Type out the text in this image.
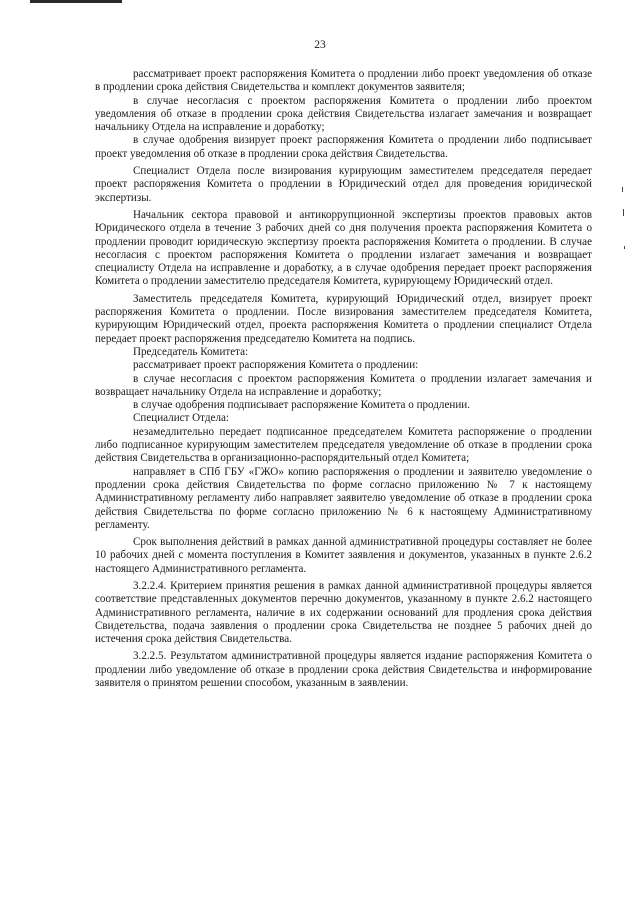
23

рассматривает проект распоряжения Комитета о продлении либо проект уведомления об отказе в продлении срока действия Свидетельства и комплект документов заявителя;

в случае несогласия с проектом распоряжения Комитета о продлении либо проектом уведомления об отказе в продлении срока действия Свидетельства излагает замечания и возвращает начальнику Отдела на исправление и доработку;

в случае одобрения визирует проект распоряжения Комитета о продлении либо подписывает проект уведомления об отказе в продлении срока действия Свидетельства.

Специалист Отдела после визирования курирующим заместителем председателя передает проект распоряжения Комитета о продлении в Юридический отдел для проведения юридической экспертизы.

Начальник сектора правовой и антикоррупционной экспертизы проектов правовых актов Юридического отдела в течение 3 рабочих дней со дня получения проекта распоряжения Комитета о продлении проводит юридическую экспертизу проекта распоряжения Комитета о продлении. В случае несогласия с проектом распоряжения Комитета о продлении излагает замечания и возвращает специалисту Отдела на исправление и доработку, а в случае одобрения передает проект распоряжения Комитета о продлении заместителю председателя Комитета, курирующему Юридический отдел.

Заместитель председателя Комитета, курирующий Юридический отдел, визирует проект распоряжения Комитета о продлении. После визирования заместителем председателя Комитета, курирующим Юридический отдел, проекта распоряжения Комитета о продлении специалист Отдела передает проект распоряжения председателю Комитета на подпись.

Председатель Комитета:

рассматривает проект распоряжения Комитета о продлении:

в случае несогласия с проектом распоряжения Комитета о продлении излагает замечания и возвращает начальнику Отдела на исправление и доработку;

в случае одобрения подписывает распоряжение Комитета о продлении.

Специалист Отдела:

незамедлительно передает подписанное председателем Комитета распоряжение о продлении либо подписанное курирующим заместителем председателя уведомление об отказе в продлении срока действия Свидетельства в организационно-распорядительный отдел Комитета;

направляет в СПб ГБУ «ГЖО» копию распоряжения о продлении и заявителю уведомление о продлении срока действия Свидетельства по форме согласно приложению № 7 к настоящему Административному регламенту либо направляет заявителю уведомление об отказе в продлении срока действия Свидетельства по форме согласно приложению № 6 к настоящему Административному регламенту.

Срок выполнения действий в рамках данной административной процедуры составляет не более 10 рабочих дней с момента поступления в Комитет заявления и документов, указанных в пункте 2.6.2 настоящего Административного регламента.

3.2.2.4. Критерием принятия решения в рамках данной административной процедуры является соответствие представленных документов перечню документов, указанному в пункте 2.6.2 настоящего Административного регламента, наличие в их содержании оснований для продления срока действия Свидетельства, подача заявления о продлении срока Свидетельства не позднее 5 рабочих дней до истечения срока действия Свидетельства.

3.2.2.5. Результатом административной процедуры является издание распоряжения Комитета о продлении либо уведомление об отказе в продлении срока действия Свидетельства и информирование заявителя о принятом решении способом, указанным в заявлении.
